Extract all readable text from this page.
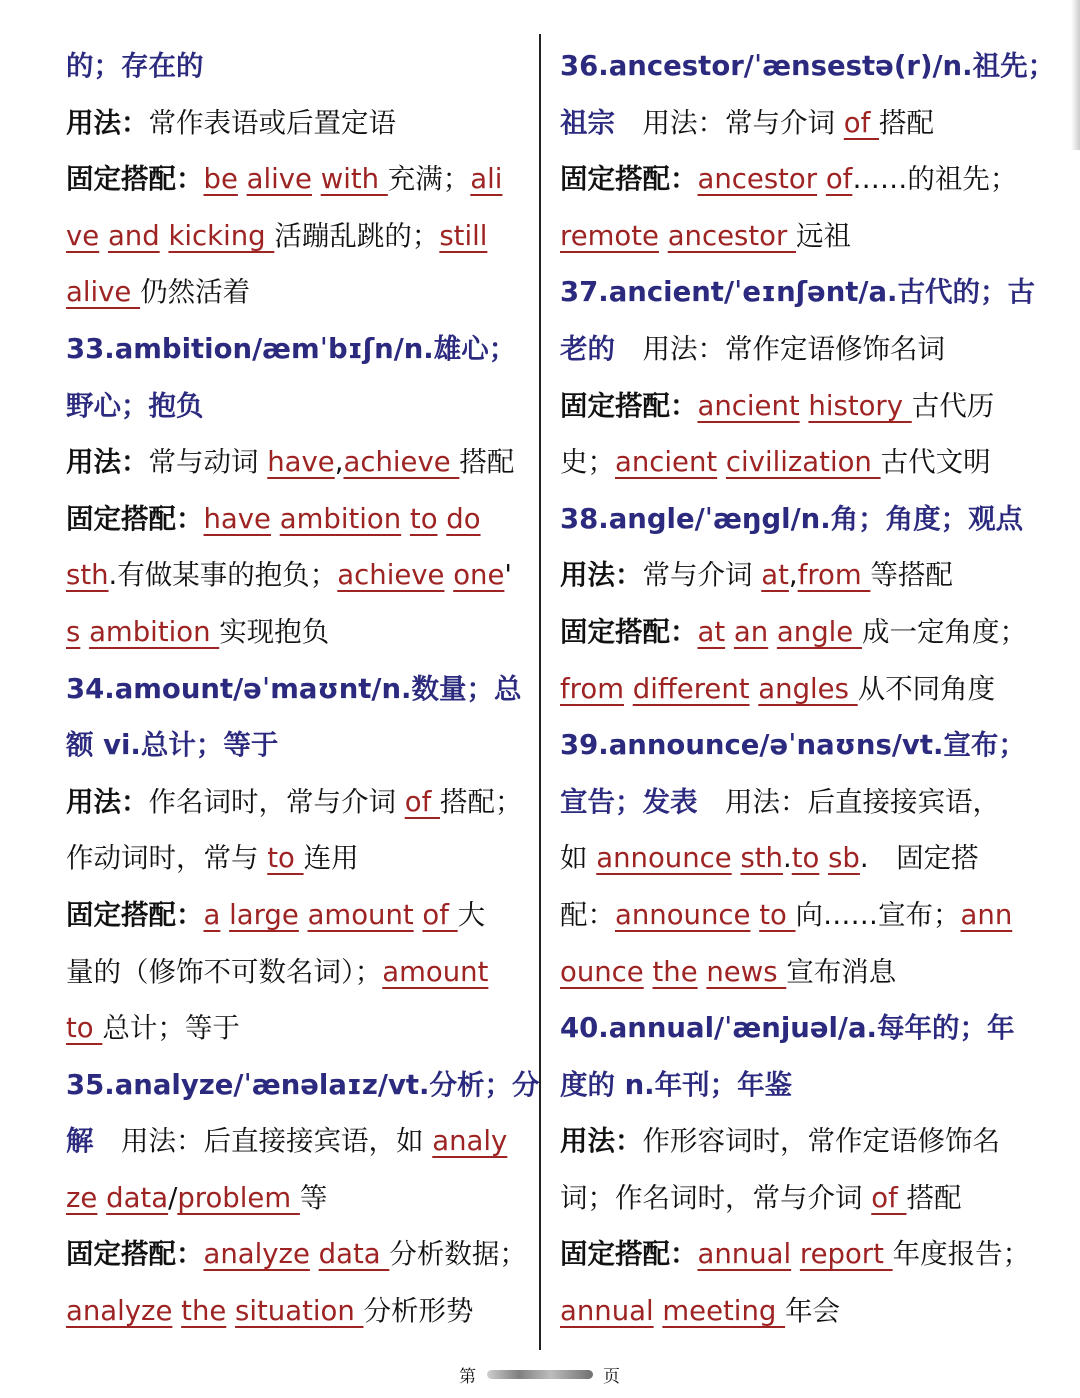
的；存在的
用法：常作表语或后置定语
固定搭配：be alive with 充满；ali
ve and kicking 活蹦乱跳的；still
alive 仍然活着
33.ambition/æmˈbɪʃn/n.雄心；
野心；抱负
用法：常与动词 have,achieve 搭配
固定搭配：have ambition to do
sth.有做某事的抱负；achieve one'
s ambition 实现抱负
34.amount/əˈmaʊnt/n.数量；总
额 vi.总计；等于
用法：作名词时，常与介词 of 搭配；
作动词时，常与 to 连用
固定搭配：a large amount of 大
量的（修饰不可数名词）；amount
to 总计；等于
35.analyze/ˈænəlaɪz/vt.分析；分
解　用法：后直接接宾语，如 analy
ze data/problem 等
固定搭配：analyze data 分析数据；
analyze the situation 分析形势
36.ancestor/ˈænsestə(r)/n.祖先；
祖宗　用法：常与介词 of 搭配
固定搭配：ancestor of……的祖先；
remote ancestor 远祖
37.ancient/ˈeɪnʃənt/a.古代的；古
老的　用法：常作定语修饰名词
固定搭配：ancient history 古代历
史；ancient civilization 古代文明
38.angle/ˈæŋgl/n.角；角度；观点
用法：常与介词 at,from 等搭配
固定搭配：at an angle 成一定角度；
from different angles 从不同角度
39.announce/əˈnaʊns/vt.宣布；
宣告；发表　用法：后直接接宾语，
如 announce sth.to sb.　固定搭
配：announce to 向……宣布；ann
ounce the news 宣布消息
40.annual/ˈænjuəl/a.每年的；年
度的 n.年刊；年鉴
用法：作形容词时，常作定语修饰名
词；作名词时，常与介词 of 搭配
固定搭配：annual report 年度报告；
annual meeting 年会
第	页
